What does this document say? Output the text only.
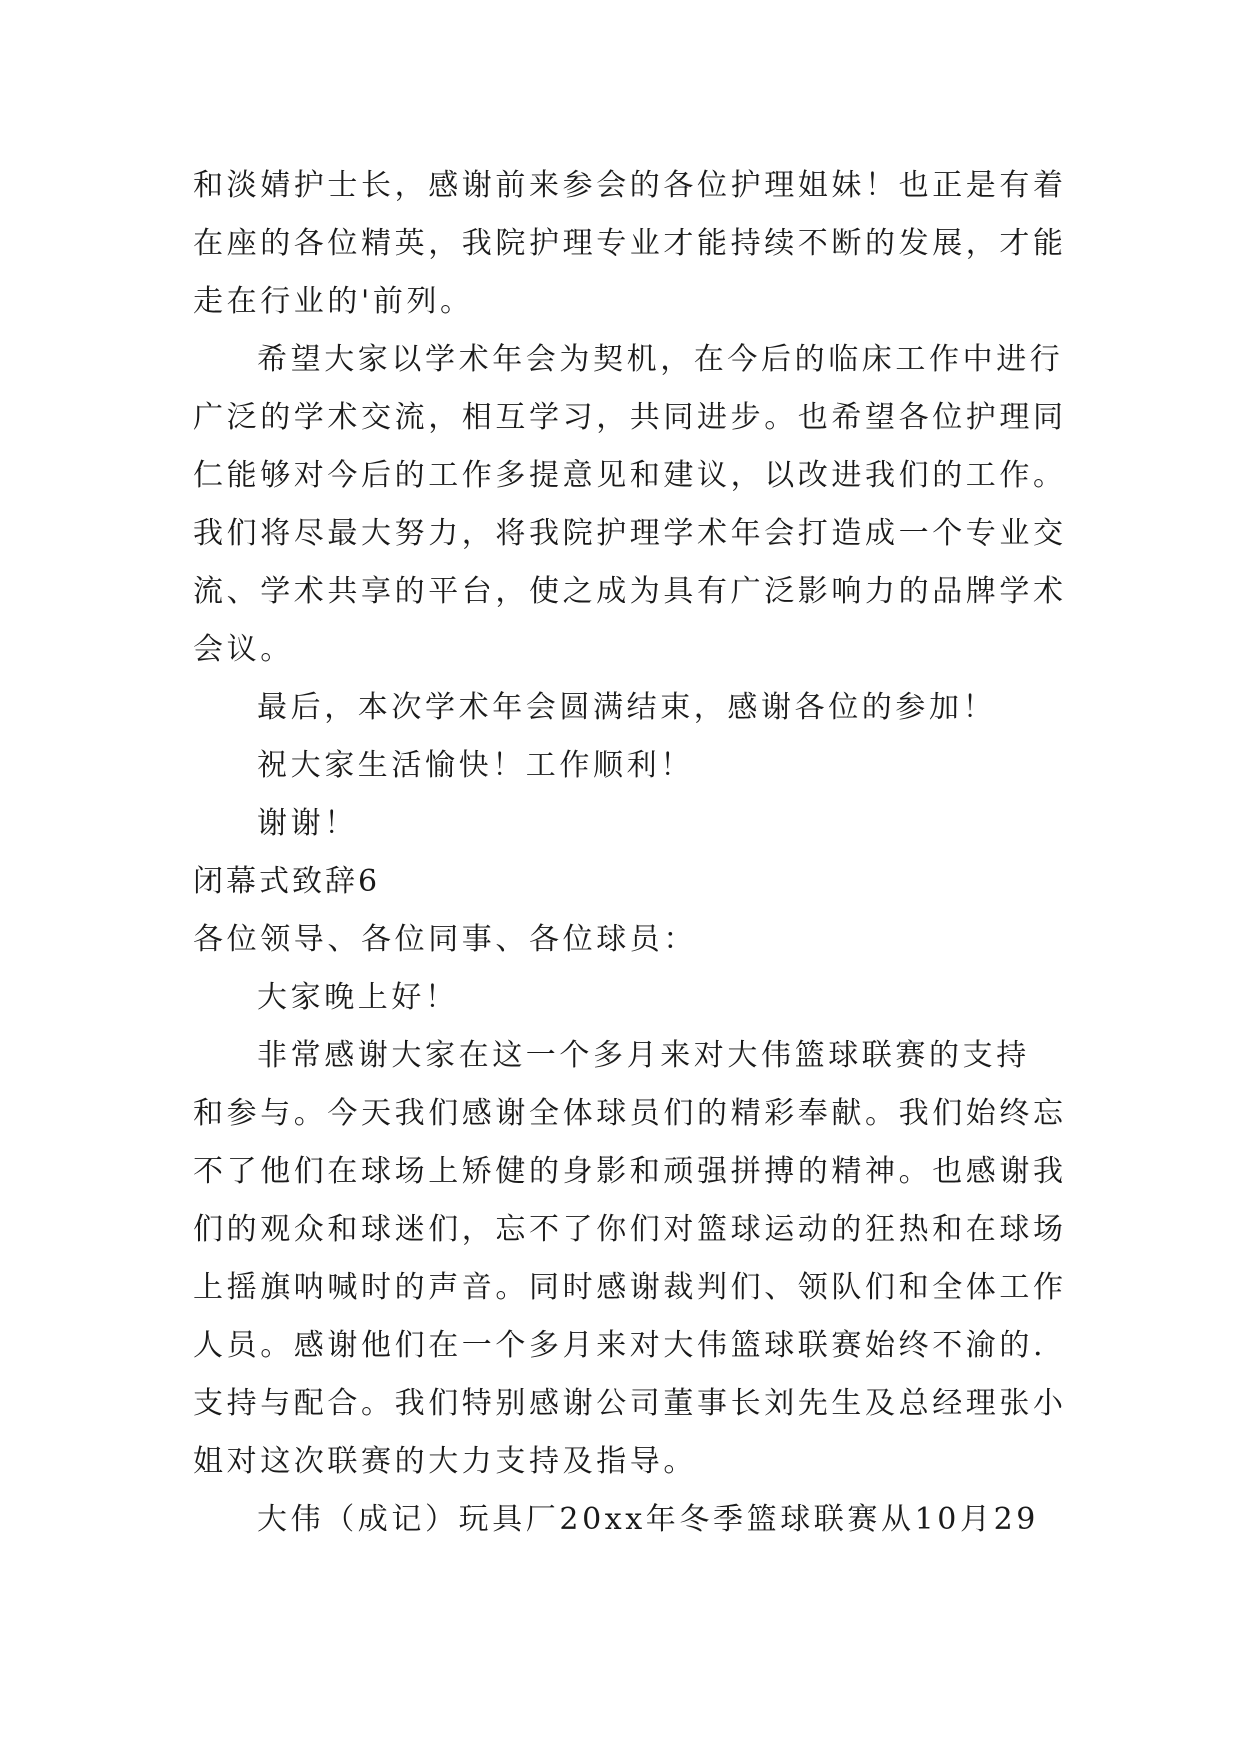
和淡婧护士长，感谢前来参会的各位护理姐妹！也正是有着
在座的各位精英，我院护理专业才能持续不断的发展，才能
走在行业的'前列。
希望大家以学术年会为契机，在今后的临床工作中进行
广泛的学术交流，相互学习，共同进步。也希望各位护理同
仁能够对今后的工作多提意见和建议，以改进我们的工作。
我们将尽最大努力，将我院护理学术年会打造成一个专业交
流、学术共享的平台，使之成为具有广泛影响力的品牌学术
会议。
最后，本次学术年会圆满结束，感谢各位的参加！
祝大家生活愉快！工作顺利！
谢谢！
闭幕式致辞6
各位领导、各位同事、各位球员：
大家晚上好！
非常感谢大家在这一个多月来对大伟篮球联赛的支持
和参与。今天我们感谢全体球员们的精彩奉献。我们始终忘
不了他们在球场上矫健的身影和顽强拼搏的精神。也感谢我
们的观众和球迷们，忘不了你们对篮球运动的狂热和在球场
上摇旗呐喊时的声音。同时感谢裁判们、领队们和全体工作
人员。感谢他们在一个多月来对大伟篮球联赛始终不渝的.
支持与配合。我们特别感谢公司董事长刘先生及总经理张小
姐对这次联赛的大力支持及指导。
大伟（成记）玩具厂20xx年冬季篮球联赛从10月29
